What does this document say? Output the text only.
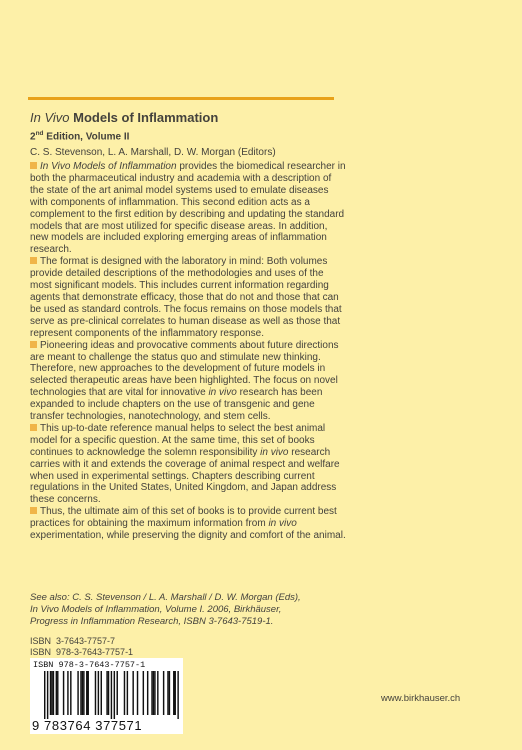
In Vivo Models of Inflammation
2nd Edition, Volume II
C. S. Stevenson, L. A. Marshall, D. W. Morgan (Editors)

In Vivo Models of Inflammation provides the biomedical researcher in both the pharmaceutical industry and academia with a description of the state of the art animal model systems used to emulate diseases with components of inflammation. This second edition acts as a complement to the first edition by describing and updating the standard models that are most utilized for specific disease areas. In addition, new models are included exploring emerging areas of inflammation research.

The format is designed with the laboratory in mind: Both volumes provide detailed descriptions of the methodologies and uses of the most significant models. This includes current information regarding agents that demonstrate efficacy, those that do not and those that can be used as standard controls. The focus remains on those models that serve as pre-clinical correlates to human disease as well as those that represent components of the inflammatory response.

Pioneering ideas and provocative comments about future directions are meant to challenge the status quo and stimulate new thinking. Therefore, new approaches to the development of future models in selected therapeutic areas have been highlighted. The focus on novel technologies that are vital for innovative in vivo research has been expanded to include chapters on the use of transgenic and gene transfer technologies, nanotechnology, and stem cells.

This up-to-date reference manual helps to select the best animal model for a specific question. At the same time, this set of books continues to acknowledge the solemn responsibility in vivo research carries with it and extends the coverage of animal respect and welfare when used in experimental settings. Chapters describing current regulations in the United States, United Kingdom, and Japan address these concerns.

Thus, the ultimate aim of this set of books is to provide current best practices for obtaining the maximum information from in vivo experimentation, while preserving the dignity and comfort of the animal.

See also: C. S. Stevenson / L. A. Marshall / D. W. Morgan (Eds),
In Vivo Models of Inflammation, Volume I. 2006, Birkhäuser,
Progress in Inflammation Research, ISBN 3-7643-7519-1.
ISBN  3-7643-7757-7
ISBN  978-3-7643-7757-1
ISBN 978-3-7643-7757-1
9 783764 377571
www.birkhauser.ch
